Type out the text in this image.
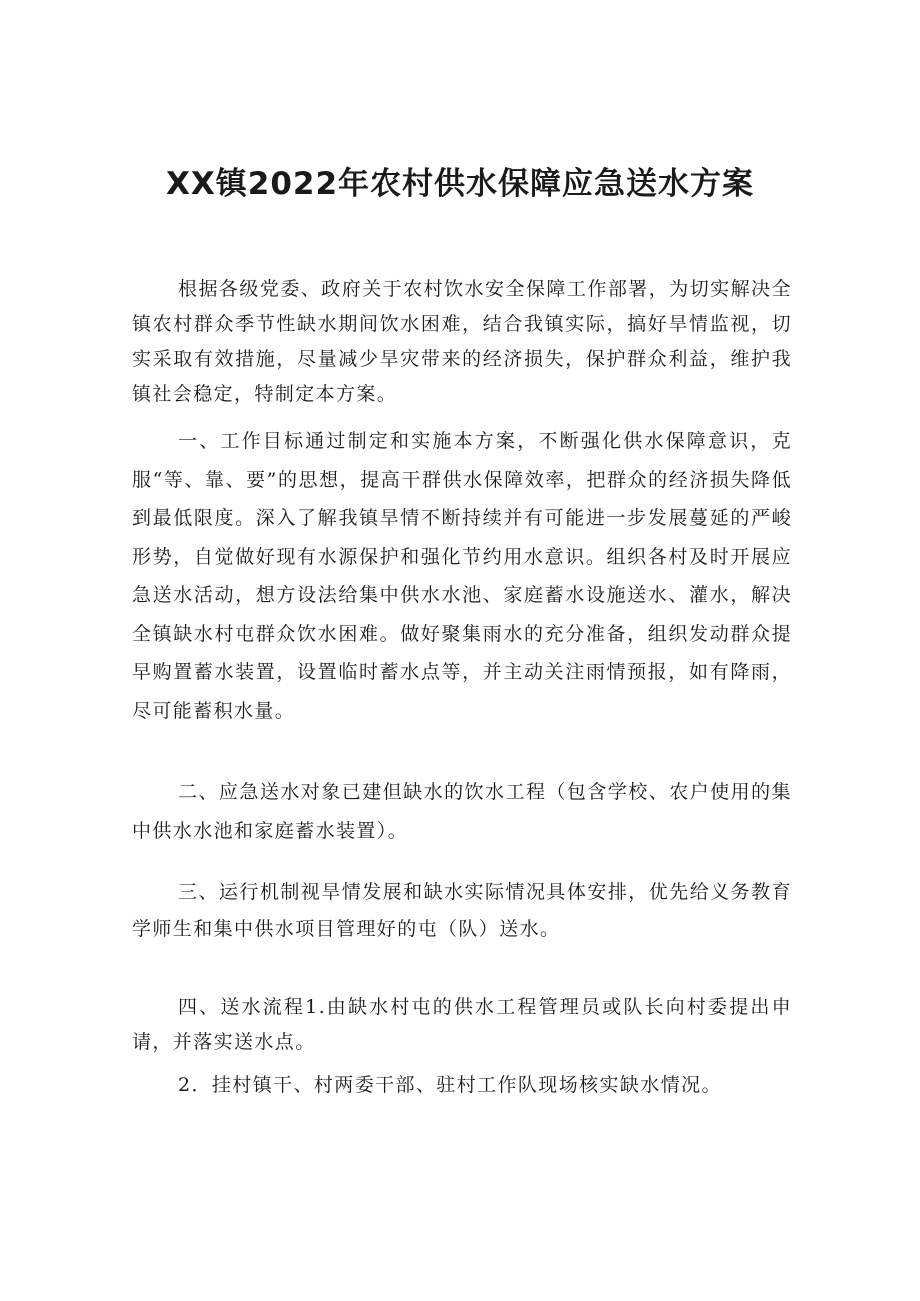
XX镇2022年农村供水保障应急送水方案

根据各级党委、政府关于农村饮水安全保障工作部署，为切实解决全镇农村群众季节性缺水期间饮水困难，结合我镇实际，搞好旱情监视，切实采取有效措施，尽量减少旱灾带来的经济损失，保护群众利益，维护我镇社会稳定，特制定本方案。

一、工作目标通过制定和实施本方案，不断强化供水保障意识，克服“等、靠、要”的思想，提高干群供水保障效率，把群众的经济损失降低到最低限度。深入了解我镇旱情不断持续并有可能进一步发展蔓延的严峻形势，自觉做好现有水源保护和强化节约用水意识。组织各村及时开展应急送水活动，想方设法给集中供水水池、家庭蓄水设施送水、灌水，解决全镇缺水村屯群众饮水困难。做好聚集雨水的充分准备，组织发动群众提早购置蓄水装置，设置临时蓄水点等，并主动关注雨情预报，如有降雨，尽可能蓄积水量。

二、应急送水对象已建但缺水的饮水工程（包含学校、农户使用的集中供水水池和家庭蓄水装置）。

三、运行机制视旱情发展和缺水实际情况具体安排，优先给义务教育学师生和集中供水项目管理好的屯（队）送水。

四、送水流程1.由缺水村屯的供水工程管理员或队长向村委提出申请，并落实送水点。

2．挂村镇干、村两委干部、驻村工作队现场核实缺水情况。
